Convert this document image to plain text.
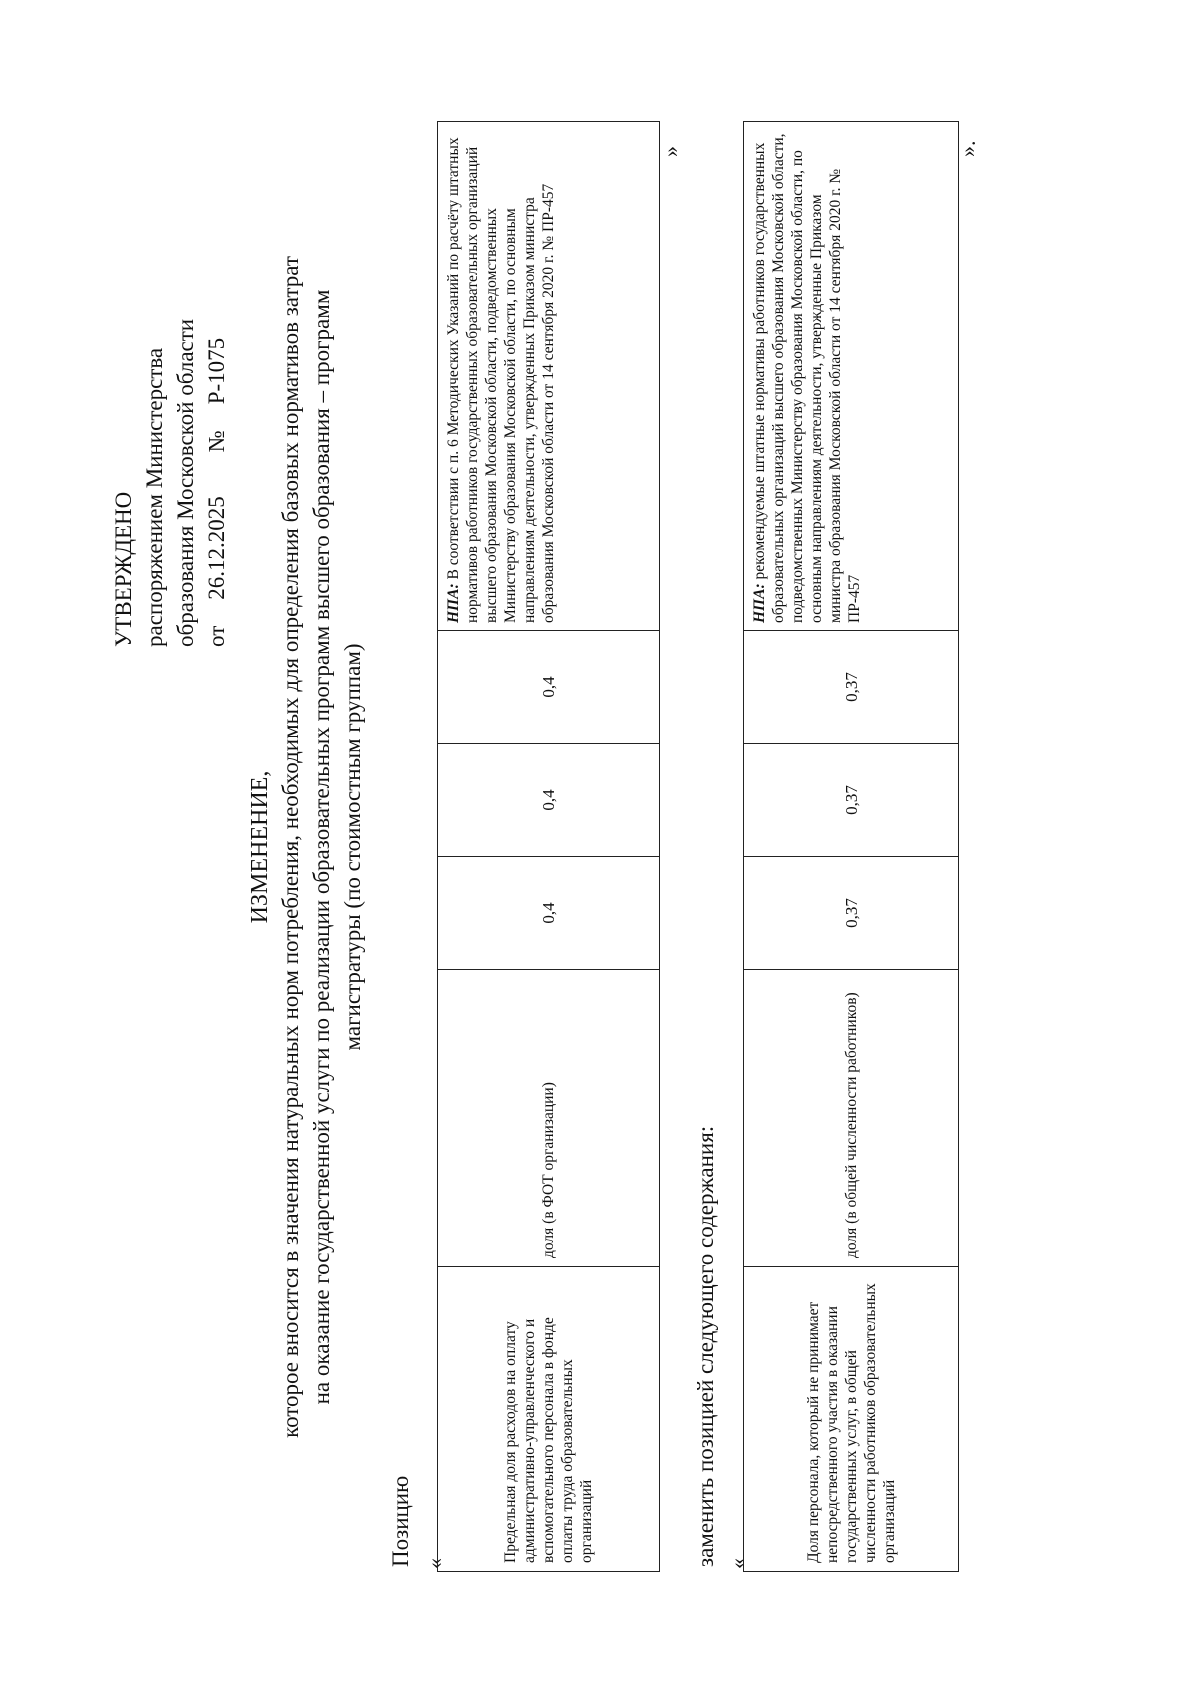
УТВЕРЖДЕНО распоряжением Министерства образования Московской области от26.12.2025№Р-1075
ИЗМЕНЕНИЕ, которое вносится в значения натуральных норм потребления, необходимых для определения базовых нормативов затрат на оказание государственной услуги по реализации образовательных программ высшего образования – программ магистратуры (по стоимостным группам)
Позицию «
Предельная доля расходов на оплату административно-управленческого и вспомогательного персонала в фонде оплаты труда образовательных организаций	доля (в ФОТ организации)	0,4	0,4	0,4	НПА: В соответствии с п. 6 Методических Указаний по расчёту штатных нормативов работников государственных образовательных организаций высшего образования Московской области, подведомственных Министерству образования Московской области, по основным направлениям деятельности, утвержденных Приказом министра образования Московской области от 14 сентября 2020 г. № ПР-457
»
заменить позицией следующего содержания: «
Доля персонала, который не принимает непосредственного участия в оказании государственных услуг, в общей численности работников образовательных организаций	доля (в общей численности работников)	0,37	0,37	0,37	НПА: рекомендуемые штатные нормативы работников государственных образовательных организаций высшего образования Московской области, подведомственных Министерству образования Московской области, по основным направлениям деятельности, утвержденные Приказом министра образования Московской области от 14 сентября 2020 г. № ПР-457
».
